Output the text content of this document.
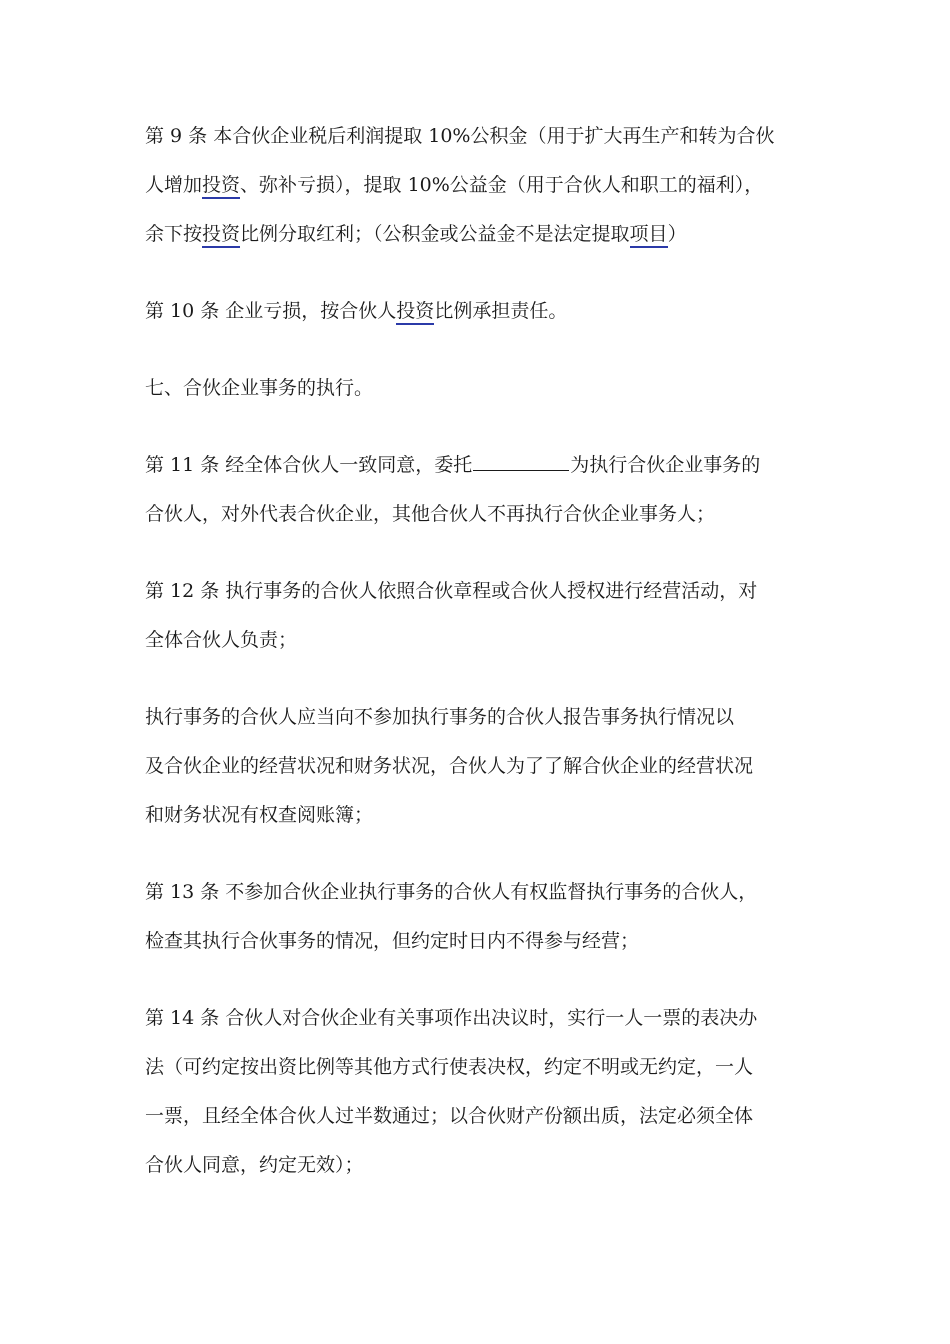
第 9 条 本合伙企业税后利润提取 10%公积金（用于扩大再生产和转为合伙
人增加投资、弥补亏损），提取 10%公益金（用于合伙人和职工的福利），
余下按投资比例分取红利；（公积金或公益金不是法定提取项目）
第 10 条 企业亏损，按合伙人投资比例承担责任。
七、合伙企业事务的执行。
第 11 条 经全体合伙人一致同意，委托	为执行合伙企业事务的
合伙人，对外代表合伙企业，其他合伙人不再执行合伙企业事务人；
第 12 条 执行事务的合伙人依照合伙章程或合伙人授权进行经营活动，对
全体合伙人负责；
执行事务的合伙人应当向不参加执行事务的合伙人报告事务执行情况以
及合伙企业的经营状况和财务状况，合伙人为了了解合伙企业的经营状况
和财务状况有权查阅账簿；
第 13 条 不参加合伙企业执行事务的合伙人有权监督执行事务的合伙人，
检查其执行合伙事务的情况，但约定时日内不得参与经营；
第 14 条 合伙人对合伙企业有关事项作出决议时，实行一人一票的表决办
法（可约定按出资比例等其他方式行使表决权，约定不明或无约定，一人
一票，且经全体合伙人过半数通过；以合伙财产份额出质，法定必须全体
合伙人同意，约定无效）；
